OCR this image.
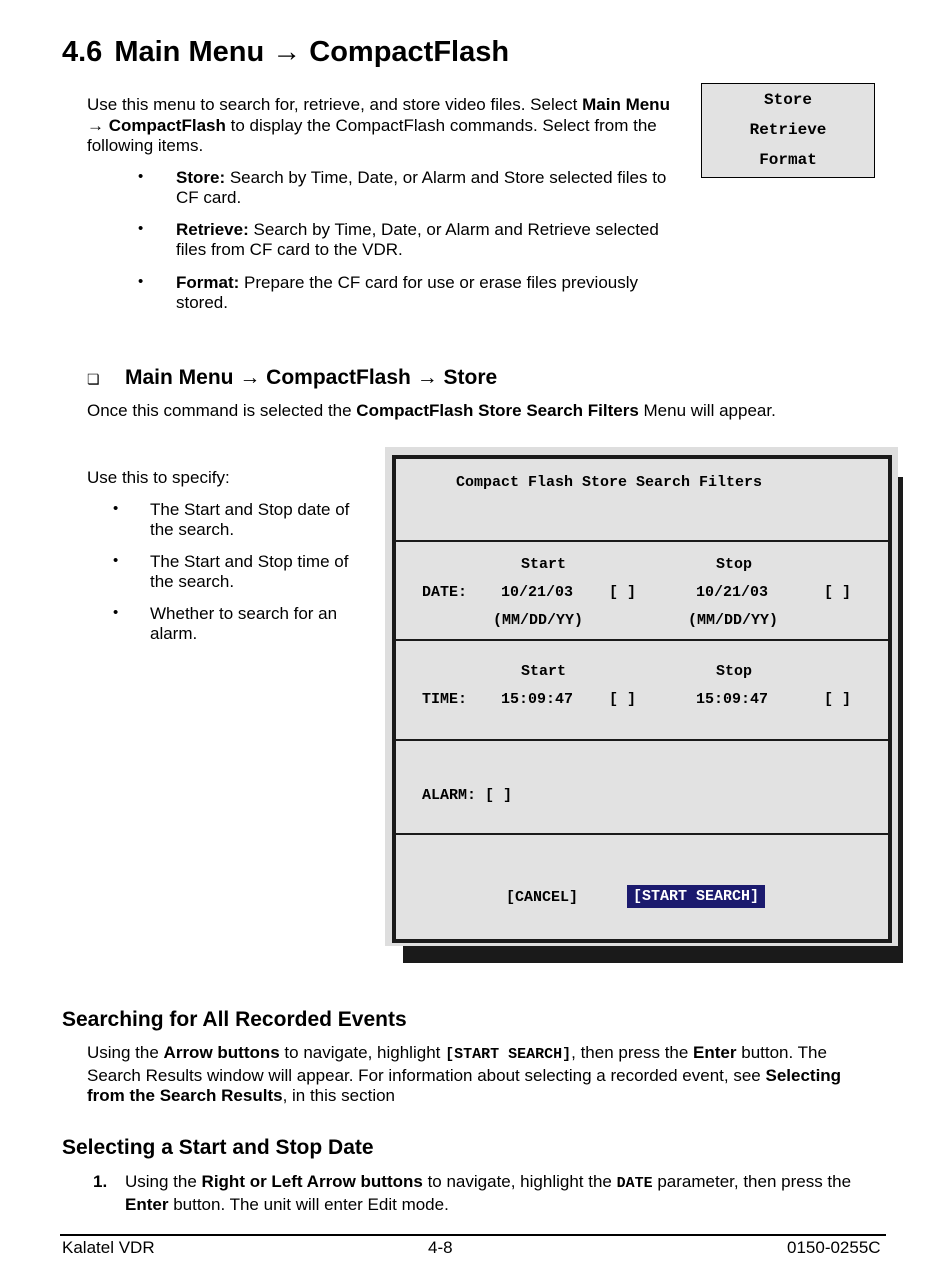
4.6 Main Menu → CompactFlash
Use this menu to search for, retrieve, and store video files. Select Main Menu
→ CompactFlash to display the CompactFlash commands. Select from the
following items.
Store
Retrieve
Format
• Store: Search by Time, Date, or Alarm and Store selected files to
CF card.
• Retrieve: Search by Time, Date, or Alarm and Retrieve selected
files from CF card to the VDR.
• Format: Prepare the CF card for use or erase files previously
stored.
❏ Main Menu → CompactFlash → Store
Once this command is selected the CompactFlash Store Search Filters Menu will appear.
Use this to specify:
• The Start and Stop date of
the search.
• The Start and Stop time of
the search.
• Whether to search for an
alarm.
Compact Flash Store Search Filters
Start	Stop
DATE: 10/21/03 [ ]	10/21/03	[ ]
(MM/DD/YY)	(MM/DD/YY)
Start	Stop
TIME: 15:09:47 [ ]	15:09:47	[ ]
ALARM: [ ]
[CANCEL]	[START SEARCH]
Searching for All Recorded Events
Using the Arrow buttons to navigate, highlight [START SEARCH], then press the Enter button. The
Search Results window will appear. For information about selecting a recorded event, see Selecting
from the Search Results, in this section
Selecting a Start and Stop Date
1. Using the Right or Left Arrow buttons to navigate, highlight the DATE parameter, then press the
Enter button. The unit will enter Edit mode.
Kalatel VDR	4-8	0150-0255C
